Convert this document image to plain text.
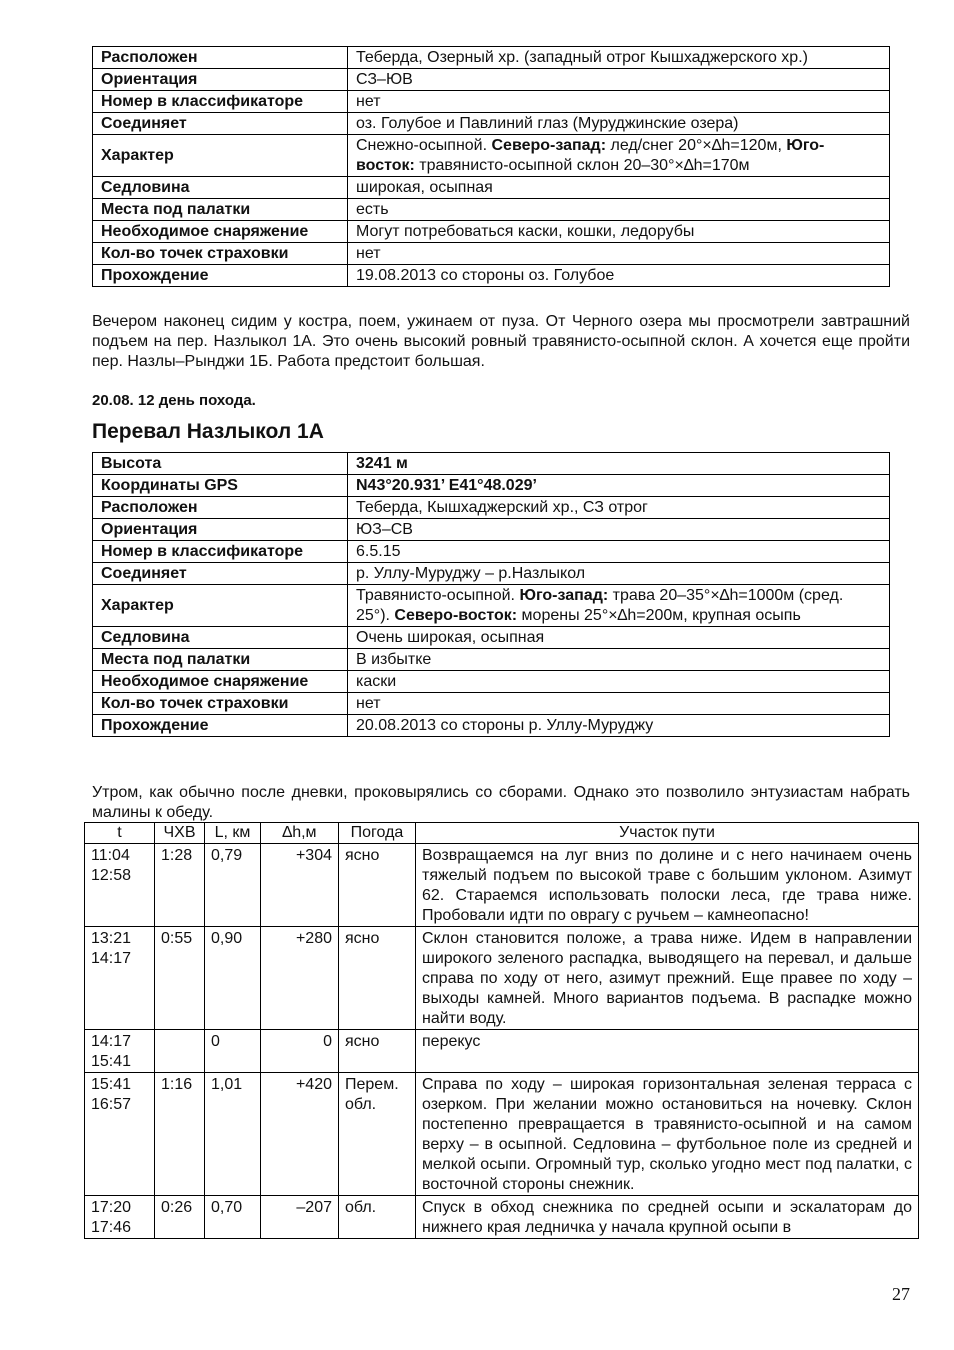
Расположен	Теберда, Озерный хр. (западный отрог Кышхаджерского хр.)
Ориентация	СЗ–ЮВ
Номер в классификаторе	нет
Соединяет	оз. Голубое и Павлиний глаз (Муруджинские озера)
Характер	Снежно-осыпной. Северо-запад: лед/снег 20°×∆h=120м, Юго-восток: травянисто-осыпной склон 20–30°×∆h=170м
Седловина	широкая, осыпная
Места под палатки	есть
Необходимое снаряжение	Могут потребоваться каски, кошки, ледорубы
Кол-во точек страховки	нет
Прохождение	19.08.2013 со стороны оз. Голубое

Вечером наконец сидим у костра, поем, ужинаем от пуза. От Черного озера мы просмотрели завтрашний подъем на пер. Назлыкол 1А. Это очень высокий ровный травянисто-осыпной склон. А хочется еще пройти пер. Назлы–Рынджи 1Б. Работа предстоит большая.

20.08. 12 день похода.

Перевал Назлыкол 1А
Высота	3241 м
Координаты GPS	N43°20.931’ E41°48.029’
Расположен	Теберда, Кышхаджерский хр., СЗ отрог
Ориентация	ЮЗ–СВ
Номер в классификаторе	6.5.15
Соединяет	р. Уллу-Муруджу – р.Назлыкол
Характер	Травянисто-осыпной. Юго-запад: трава 20–35°×∆h=1000м (сред. 25°). Северо-восток: морены 25°×∆h=200м, крупная осыпь
Седловина	Очень широкая, осыпная
Места под палатки	В избытке
Необходимое снаряжение	каски
Кол-во точек страховки	нет
Прохождение	20.08.2013 со стороны р. Уллу-Муруджу

Утром, как обычно после дневки, проковырялись со сборами. Однако это позволило энтузиастам набрать малины к обеду.

t	ЧХВ	L, км	∆h,м	Погода	Участок пути

11:04
12:58	1:28	0,79	+304	ясно	Возвращаемся на луг вниз по долине и с него начинаем очень тяжелый подъем по высокой траве с большим уклоном. Азимут 62. Стараемся использовать полоски леса, где трава ниже. Пробовали идти по оврагу с ручьем – камнеопасно!

13:21
14:17	0:55	0,90	+280	ясно	Склон становится положе, а трава ниже. Идем в направлении широкого зеленого распадка, выводящего на перевал, и дальше справа по ходу от него, азимут прежний. Еще правее по ходу – выходы камней. Много вариантов подъема. В распадке можно найти воду.

14:17
15:41		0	0	ясно	перекус

15:41
16:57	1:16	1,01	+420	Перем. обл.	Справа по ходу – широкая горизонтальная зеленая терраса с озерком. При желании можно остановиться на ночевку. Склон постепенно превращается в травянисто-осыпной и на самом верху – в осыпной. Седловина – футбольное поле из средней и мелкой осыпи. Огромный тур, сколько угодно мест под палатки, с восточной стороны снежник.

17:20
17:46	0:26	0,70	–207	обл.	Спуск в обход снежника по средней осыпи и эскалаторам до нижнего края ледничка у начала крупной осыпи в

27
